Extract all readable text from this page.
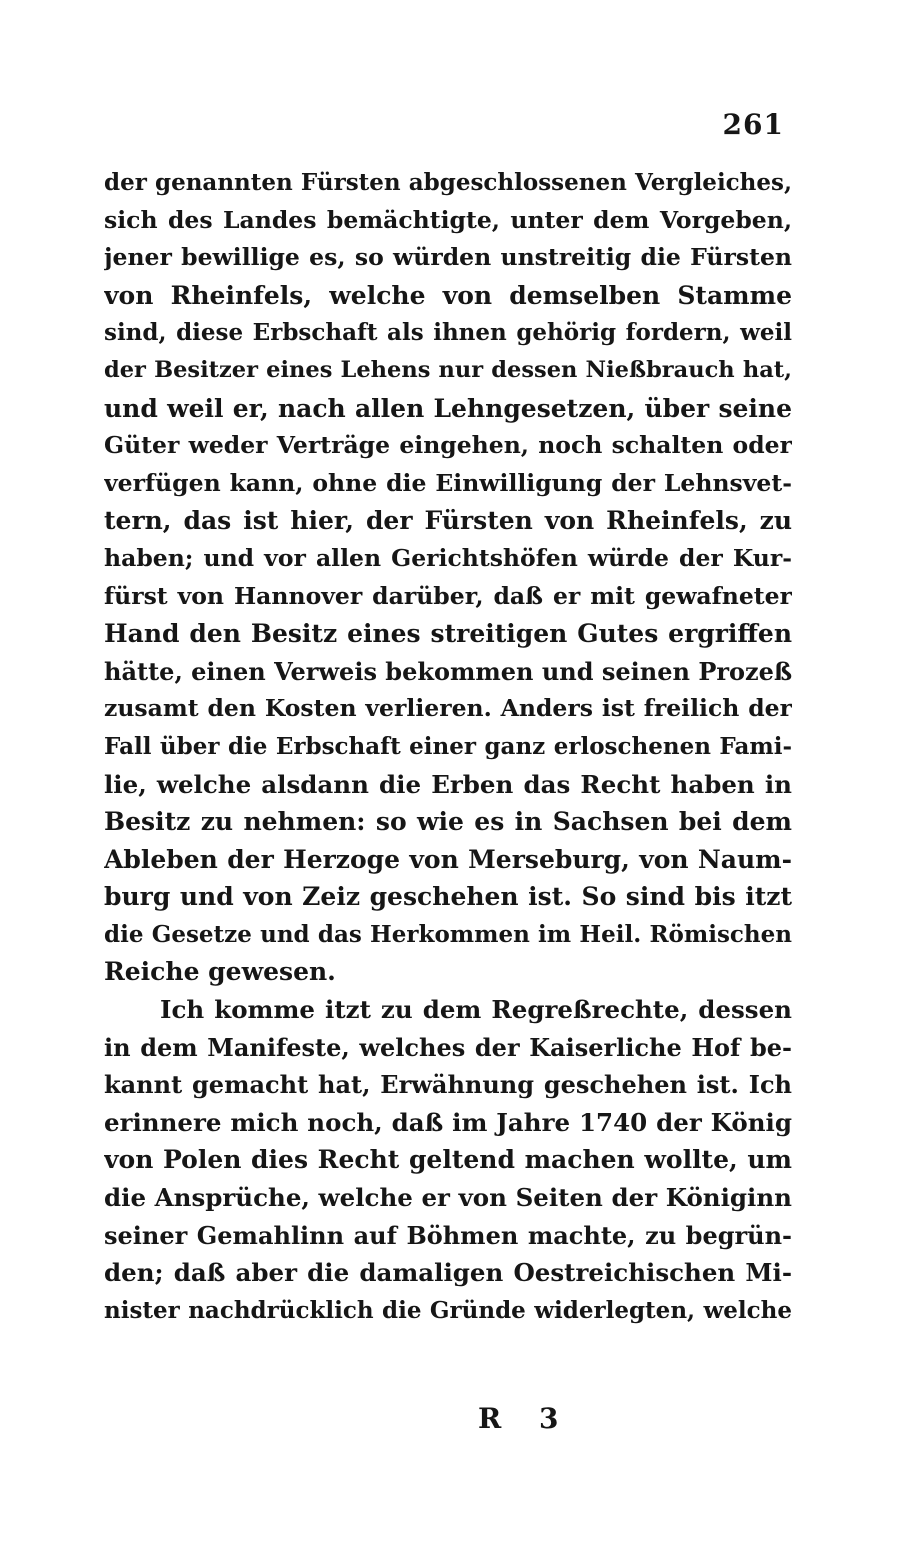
261
der genannten Fürsten abgeschlossenen Vergleiches,
sich des Landes bemächtigte, unter dem Vorgeben,
jener bewillige es, so würden unstreitig die Fürsten
von Rheinfels, welche von demselben Stamme
sind, diese Erbschaft als ihnen gehörig fordern, weil
der Besitzer eines Lehens nur dessen Nießbrauch hat,
und weil er, nach allen Lehngesetzen, über seine
Güter weder Verträge eingehen, noch schalten oder
verfügen kann, ohne die Einwilligung der Lehnsvet-
tern, das ist hier, der Fürsten von Rheinfels, zu
haben; und vor allen Gerichtshöfen würde der Kur-
fürst von Hannover darüber, daß er mit gewafneter
Hand den Besitz eines streitigen Gutes ergriffen
hätte, einen Verweis bekommen und seinen Prozeß
zusamt den Kosten verlieren. Anders ist freilich der
Fall über die Erbschaft einer ganz erloschenen Fami-
lie, welche alsdann die Erben das Recht haben in
Besitz zu nehmen: so wie es in Sachsen bei dem
Ableben der Herzoge von Merseburg, von Naum-
burg und von Zeiz geschehen ist. So sind bis itzt
die Gesetze und das Herkommen im Heil. Römischen
Reiche gewesen.
Ich komme itzt zu dem Regreßrechte, dessen
in dem Manifeste, welches der Kaiserliche Hof be-
kannt gemacht hat, Erwähnung geschehen ist. Ich
erinnere mich noch, daß im Jahre 1740 der König
von Polen dies Recht geltend machen wollte, um
die Ansprüche, welche er von Seiten der Königinn
seiner Gemahlinn auf Böhmen machte, zu begrün-
den; daß aber die damaligen Oestreichischen Mi-
nister nachdrücklich die Gründe widerlegten, welche
R 3
